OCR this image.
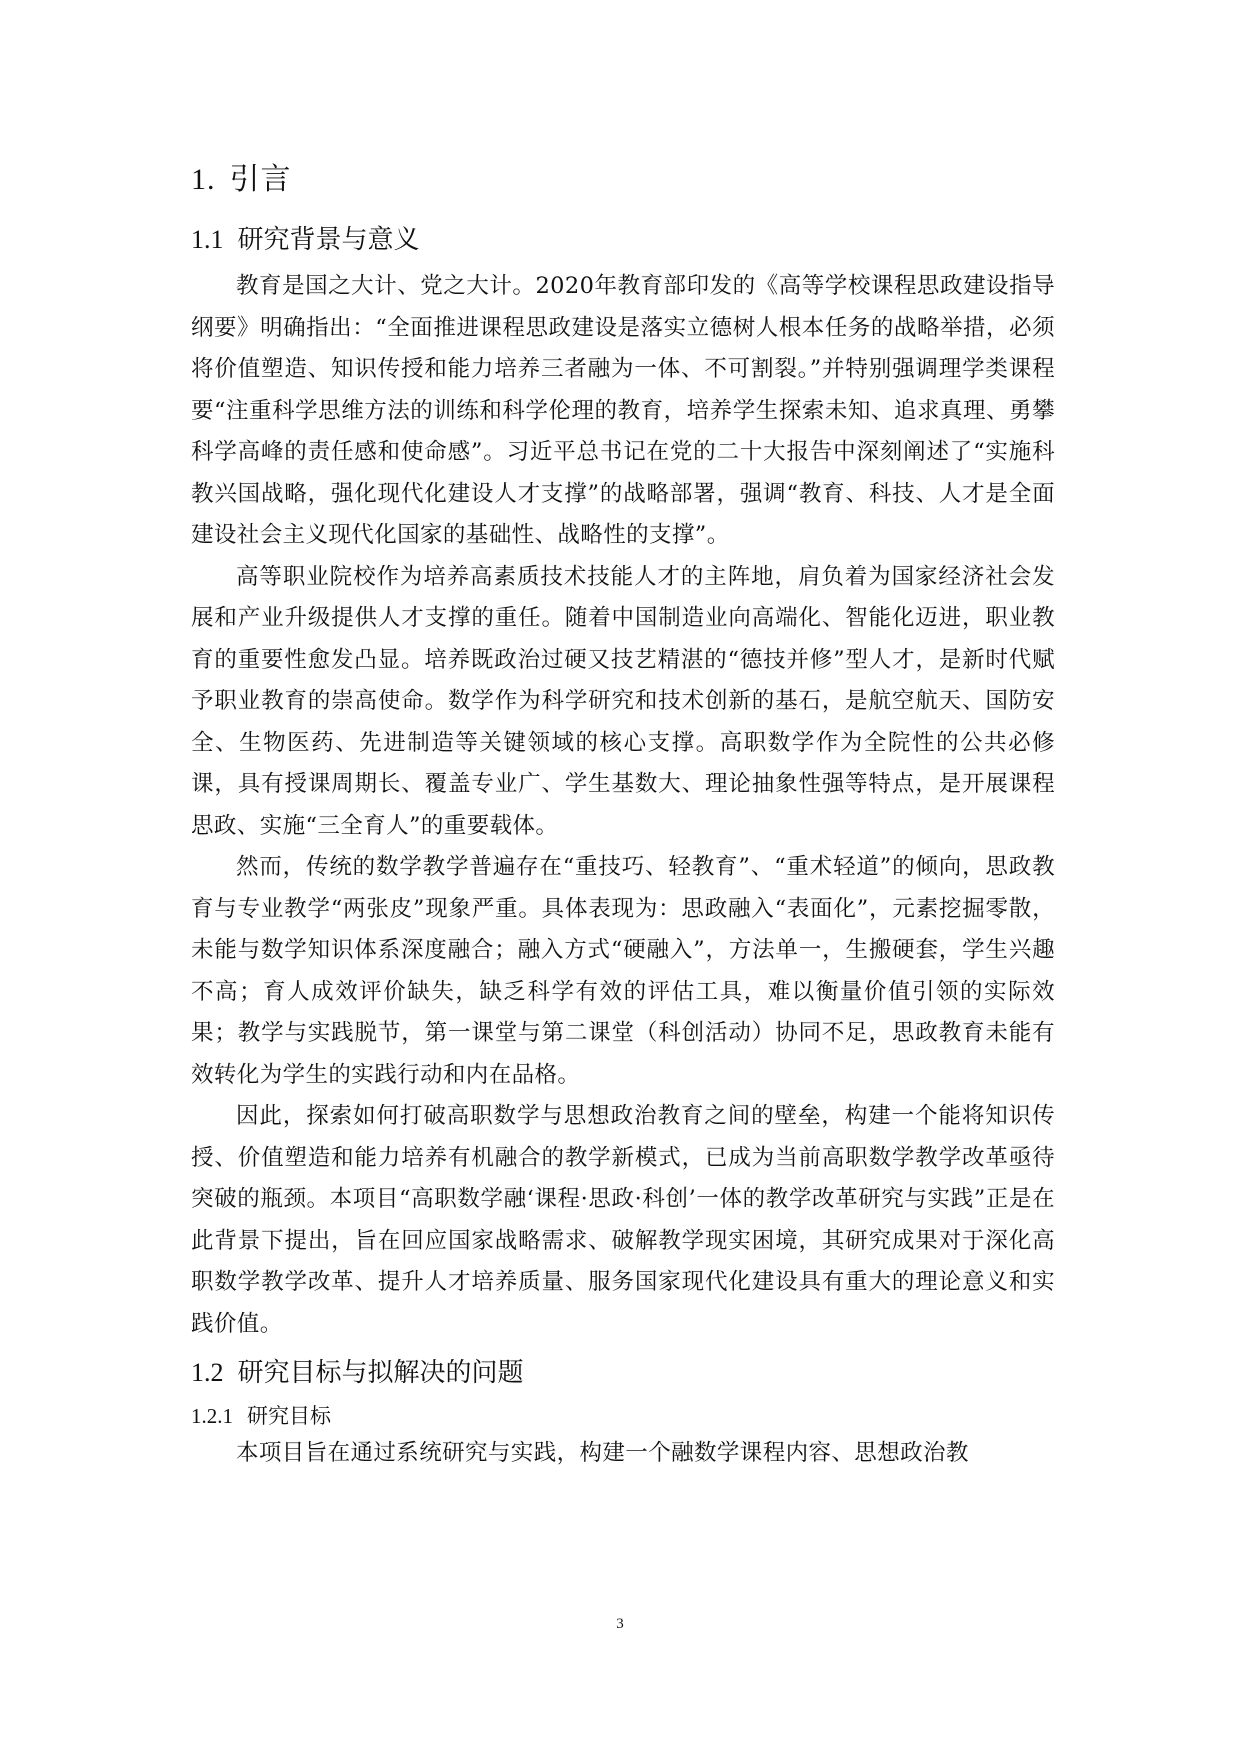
1. 引言
1.1 研究背景与意义

教育是国之大计、党之大计。2020年教育部印发的《高等学校课程思政建设指导纲要》明确指出：“全面推进课程思政建设是落实立德树人根本任务的战略举措，必须将价值塑造、知识传授和能力培养三者融为一体、不可割裂。”并特别强调理学类课程要“注重科学思维方法的训练和科学伦理的教育，培养学生探索未知、追求真理、勇攀科学高峰的责任感和使命感”。习近平总书记在党的二十大报告中深刻阐述了“实施科教兴国战略，强化现代化建设人才支撑”的战略部署，强调“教育、科技、人才是全面建设社会主义现代化国家的基础性、战略性的支撑”。

高等职业院校作为培养高素质技术技能人才的主阵地，肩负着为国家经济社会发展和产业升级提供人才支撑的重任。随着中国制造业向高端化、智能化迈进，职业教育的重要性愈发凸显。培养既政治过硬又技艺精湛的“德技并修”型人才，是新时代赋予职业教育的崇高使命。数学作为科学研究和技术创新的基石，是航空航天、国防安全、生物医药、先进制造等关键领域的核心支撑。高职数学作为全院性的公共必修课，具有授课周期长、覆盖专业广、学生基数大、理论抽象性强等特点，是开展课程思政、实施“三全育人”的重要载体。

然而，传统的数学教学普遍存在“重技巧、轻教育”、“重术轻道”的倾向，思政教育与专业教学“两张皮”现象严重。具体表现为：思政融入“表面化”，元素挖掘零散，未能与数学知识体系深度融合；融入方式“硬融入”，方法单一，生搬硬套，学生兴趣不高；育人成效评价缺失，缺乏科学有效的评估工具，难以衡量价值引领的实际效果；教学与实践脱节，第一课堂与第二课堂（科创活动）协同不足，思政教育未能有效转化为学生的实践行动和内在品格。

因此，探索如何打破高职数学与思想政治教育之间的壁垒，构建一个能将知识传授、价值塑造和能力培养有机融合的教学新模式，已成为当前高职数学教学改革亟待突破的瓶颈。本项目“高职数学融‘课程·思政·科创’一体的教学改革研究与实践”正是在此背景下提出，旨在回应国家战略需求、破解教学现实困境，其研究成果对于深化高职数学教学改革、提升人才培养质量、服务国家现代化建设具有重大的理论意义和实践价值。

1.2 研究目标与拟解决的问题
1.2.1 研究目标

本项目旨在通过系统研究与实践，构建一个融数学课程内容、思想政治教

3
